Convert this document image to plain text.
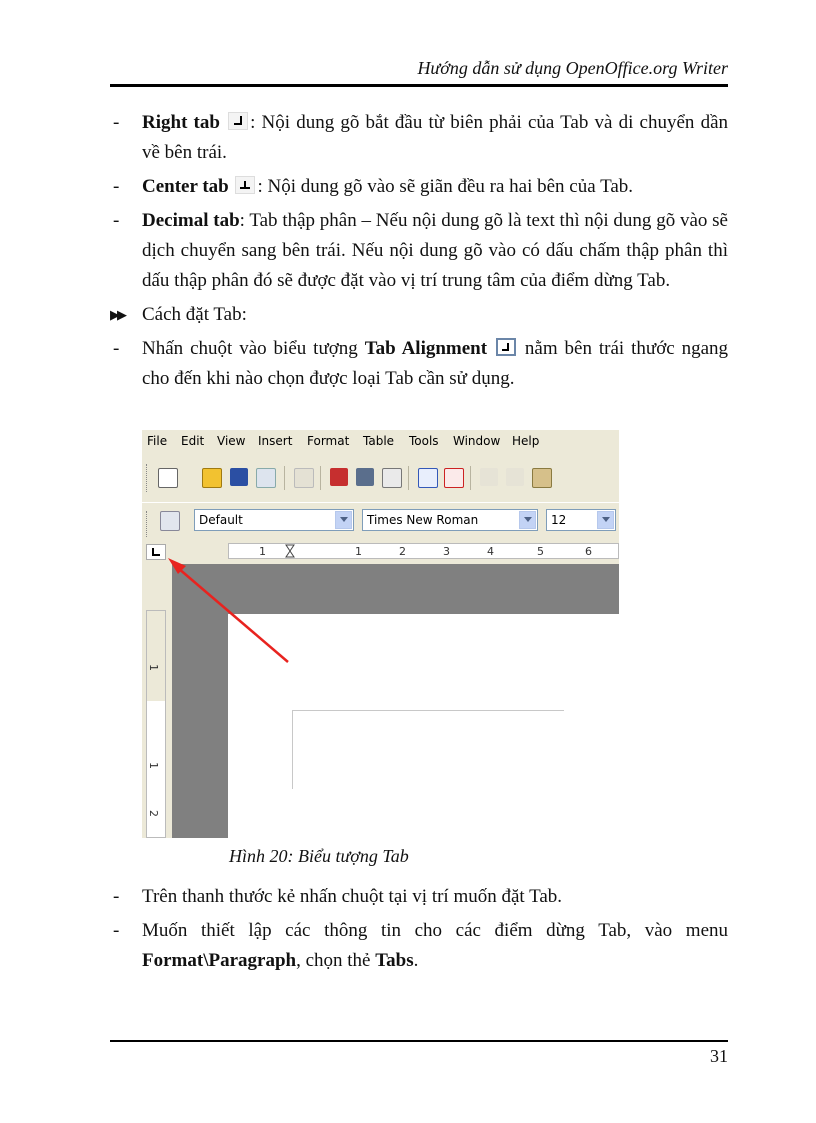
Hướng dẫn sử dụng OpenOffice.org Writer
- Right tab : Nội dung gõ bắt đầu từ biên phải của Tab và di chuyển dần về bên trái.
- Center tab : Nội dung gõ vào sẽ giãn đều ra hai bên của Tab.
- Decimal tab: Tab thập phân – Nếu nội dung gõ là text thì nội dung gõ vào sẽ dịch chuyển sang bên trái. Nếu nội dung gõ vào có dấu chấm thập phân thì dấu thập phân đó sẽ được đặt vào vị trí trung tâm của điểm dừng Tab.
▶▶ Cách đặt Tab:
- Nhấn chuột vào biểu tượng Tab Alignment
nằm bên trái thước ngang cho đến khi nào chọn được loại Tab cần sử dụng.
File Edit View Insert Format Table Tools Window Help
Default	Times New Roman	12
1	1	2	3	4	5	6
1
1
2
Hình 20: Biểu tượng Tab
- Trên thanh thước kẻ nhấn chuột tại vị trí muốn đặt Tab.
- Muốn thiết lập các thông tin cho các điểm dừng Tab, vào menu Format\Paragraph, chọn thẻ Tabs.
31
